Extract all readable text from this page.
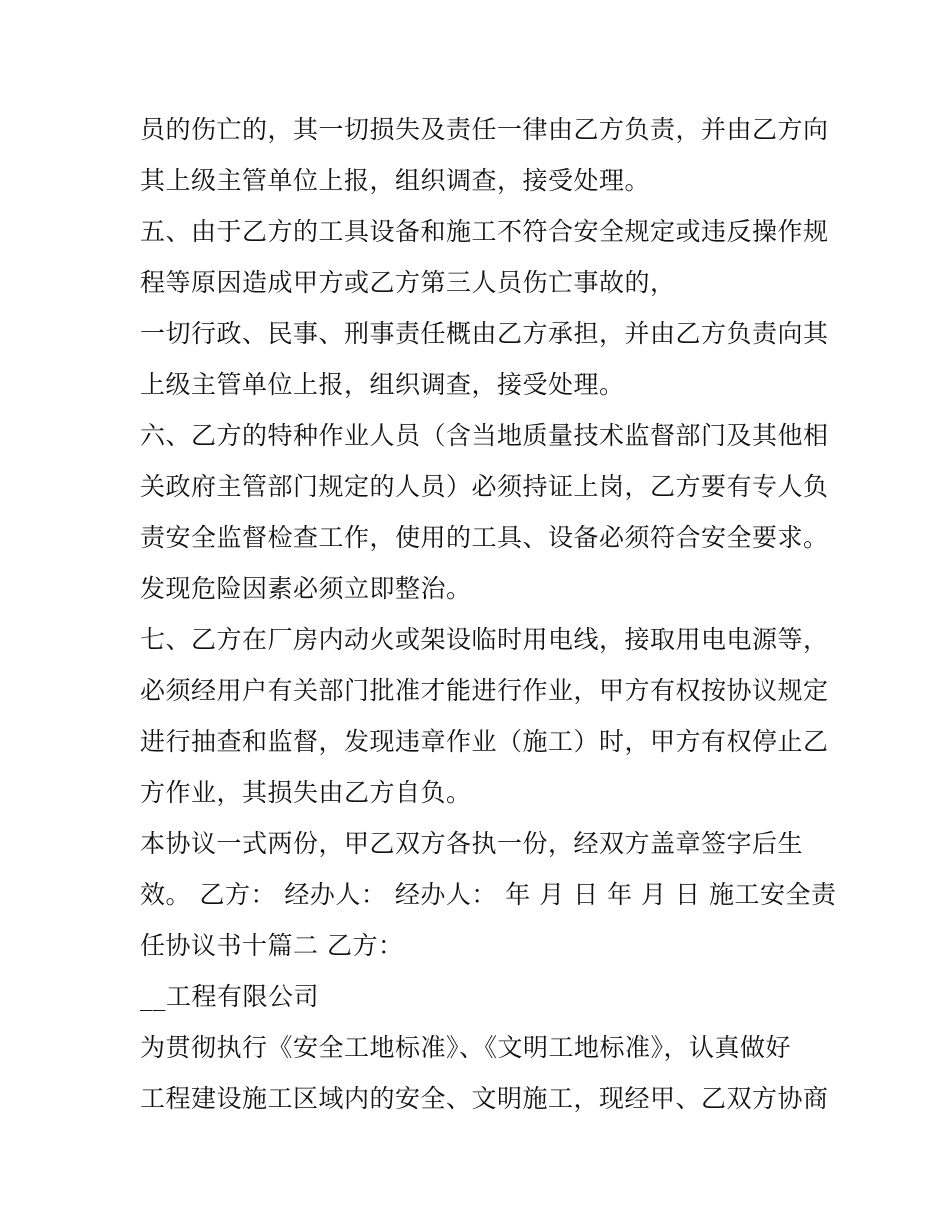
员的伤亡的，其一切损失及责任一律由乙方负责，并由乙方向
其上级主管单位上报，组织调查，接受处理。
五、由于乙方的工具设备和施工不符合安全规定或违反操作规
程等原因造成甲方或乙方第三人员伤亡事故的，
一切行政、民事、刑事责任概由乙方承担，并由乙方负责向其
上级主管单位上报，组织调查，接受处理。
六、乙方的特种作业人员（含当地质量技术监督部门及其他相
关政府主管部门规定的人员）必须持证上岗，乙方要有专人负
责安全监督检查工作，使用的工具、设备必须符合安全要求。
发现危险因素必须立即整治。
七、乙方在厂房内动火或架设临时用电线，接取用电电源等，
必须经用户有关部门批准才能进行作业，甲方有权按协议规定
进行抽查和监督，发现违章作业（施工）时，甲方有权停止乙
方作业，其损失由乙方自负。
本协议一式两份，甲乙双方各执一份，经双方盖章签字后生
效。 乙方： 经办人： 经办人： 年 月 日 年 月 日 施工安全责
任协议书十篇二 乙方：
__工程有限公司
为贯彻执行《安全工地标准》、《文明工地标准》，认真做好
工程建设施工区域内的安全、文明施工，现经甲、乙双方协商
